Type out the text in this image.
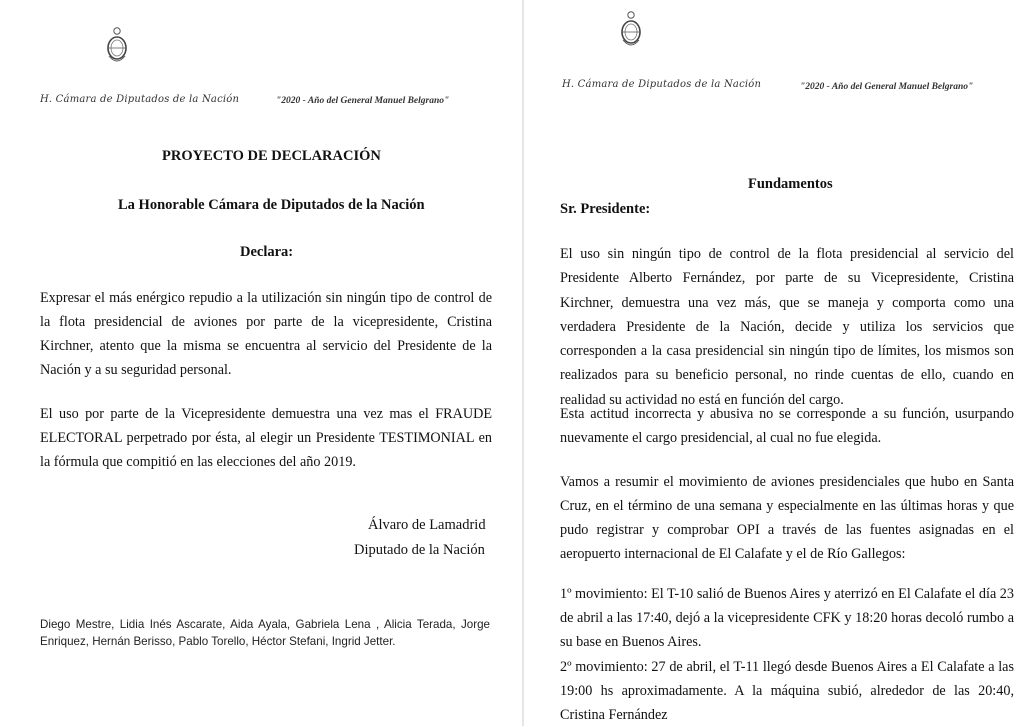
H. Cámara de Diputados de la Nación	"2020 - Año del General Manuel Belgrano"
PROYECTO DE DECLARACIÓN
La Honorable Cámara de Diputados de la Nación
Declara:
Expresar el más enérgico repudio a la utilización sin ningún tipo de control de la flota presidencial de aviones por parte de la vicepresidente, Cristina Kirchner, atento que la misma se encuentra al servicio del Presidente de la Nación y a su seguridad personal.
El uso por parte de la Vicepresidente demuestra una vez mas el FRAUDE ELECTORAL perpetrado por ésta, al elegir un Presidente TESTIMONIAL en la fórmula que compitió en las elecciones del año 2019.
Álvaro de Lamadrid
Diputado de la Nación
Diego Mestre, Lidia Inés Ascarate, Aida Ayala, Gabriela Lena , Alicia Terada, Jorge Enriquez, Hernán Berisso, Pablo Torello, Héctor Stefani, Ingrid Jetter.
H. Cámara de Diputados de la Nación	"2020 - Año del General Manuel Belgrano"
Fundamentos
Sr. Presidente:
El uso sin ningún tipo de control de la flota presidencial al servicio del Presidente Alberto Fernández, por parte de su Vicepresidente, Cristina Kirchner, demuestra una vez más, que se maneja y comporta como una verdadera Presidente de la Nación, decide y utiliza los servicios que corresponden a la casa presidencial sin ningún tipo de límites, los mismos son realizados para su beneficio personal, no rinde cuentas de ello, cuando en realidad su actividad no está en función del cargo.
Esta actitud incorrecta y abusiva no se corresponde a su función, usurpando nuevamente el cargo presidencial, al cual no fue elegida.
Vamos a resumir el movimiento de aviones presidenciales que hubo en Santa Cruz, en el término de una semana y especialmente en las últimas horas y que pudo registrar y comprobar OPI a través de las fuentes asignadas en el aeropuerto internacional de El Calafate y el de Río Gallegos:
1º movimiento: El T-10 salió de Buenos Aires y aterrizó en El Calafate el día 23 de abril a las 17:40, dejó a la vicepresidente CFK y 18:20 horas decoló rumbo a su base en Buenos Aires.
2º movimiento: 27 de abril, el T-11 llegó desde Buenos Aires a El Calafate a las 19:00 hs aproximadamente. A la máquina subió, alrededor de las 20:40, Cristina Fernández
